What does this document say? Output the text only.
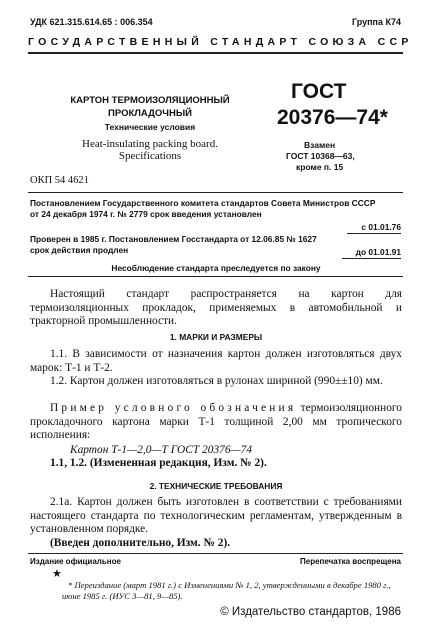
УДК 621.315.614.65 : 006.354	Группа К74
ГОСУДАРСТВЕННЫЙ СТАНДАРТ СОЮЗА ССР
КАРТОН ТЕРМОИЗОЛЯЦИОННЫЙ
ПРОКЛАДОЧНЫЙ
Технические условия
Heat-insulating packing board.
Specifications
ОКП 54 4621
ГОСТ
20376—74*
Взамен
ГОСТ 10368—63,
кроме п. 15
Постановлением Государственного комитета стандартов Совета Министров СССР
от 24 декабря 1974 г. № 2779 срок введения установлен
с 01.01.76
Проверен в 1985 г. Постановлением Госстандарта от 12.06.85 № 1627
срок действия продлен	до 01.01.91
Несоблюдение стандарта преследуется по закону
Настоящий стандарт распространяется на картон для термоизоляционных прокладок, применяемых в автомобильной и тракторной промышленности.
1. МАРКИ И РАЗМЕРЫ
1.1. В зависимости от назначения картон должен изготовляться двух марок: Т-1 и Т-2.
1.2. Картон должен изготовляться в рулонах шириной (990±±10) мм.
Пример условного обозначения термоизоляционного прокладочного картона марки Т-1 толщиной 2,00 мм тропического исполнения:
Картон Т-1—2,0—Т ГОСТ 20376—74
1.1, 1.2. (Измененная редакция, Изм. № 2).
2. ТЕХНИЧЕСКИЕ ТРЕБОВАНИЯ
2.1а. Картон должен быть изготовлен в соответствии с требованиями настоящего стандарта по технологическим регламентам, утвержденным в установленном порядке.
(Введен дополнительно, Изм. № 2).
Издание официальное	Перепечатка воспрещена
★
* Переиздание (март 1981 г.) с Изменениями № 1, 2, утвержденными в декабре 1980 г., июне 1985 г. (ИУС 3—81, 9—85).
© Издательство стандартов, 1986
